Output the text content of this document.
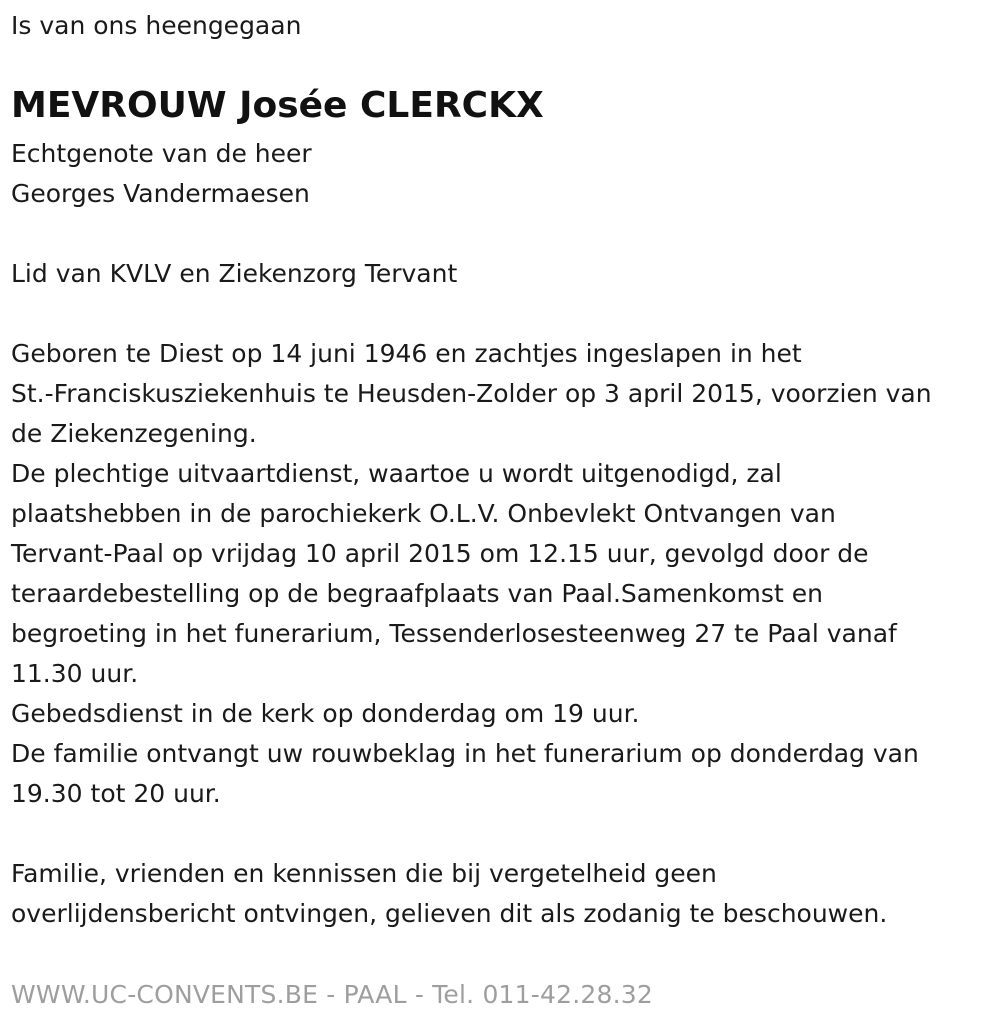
Is van ons heengegaan

MEVROUW Josée CLERCKX

Echtgenote van de heer

Georges Vandermaesen

Lid van KVLV en Ziekenzorg Tervant

Geboren te Diest op 14 juni 1946 en zachtjes ingeslapen in het

St.-Franciskusziekenhuis te Heusden-Zolder op 3 april 2015, voorzien van

de Ziekenzegening.

De plechtige uitvaartdienst, waartoe u wordt uitgenodigd, zal

plaatshebben in de parochiekerk O.L.V. Onbevlekt Ontvangen van

Tervant-Paal op vrijdag 10 april 2015 om 12.15 uur, gevolgd door de

teraardebestelling op de begraafplaats van Paal.Samenkomst en

begroeting in het funerarium, Tessenderlosesteenweg 27 te Paal vanaf

11.30 uur.

Gebedsdienst in de kerk op donderdag om 19 uur.

De familie ontvangt uw rouwbeklag in het funerarium op donderdag van

19.30 tot 20 uur.

Familie, vrienden en kennissen die bij vergetelheid geen

overlijdensbericht ontvingen, gelieven dit als zodanig te beschouwen.

WWW.UC-CONVENTS.BE - PAAL - Tel. 011-42.28.32
